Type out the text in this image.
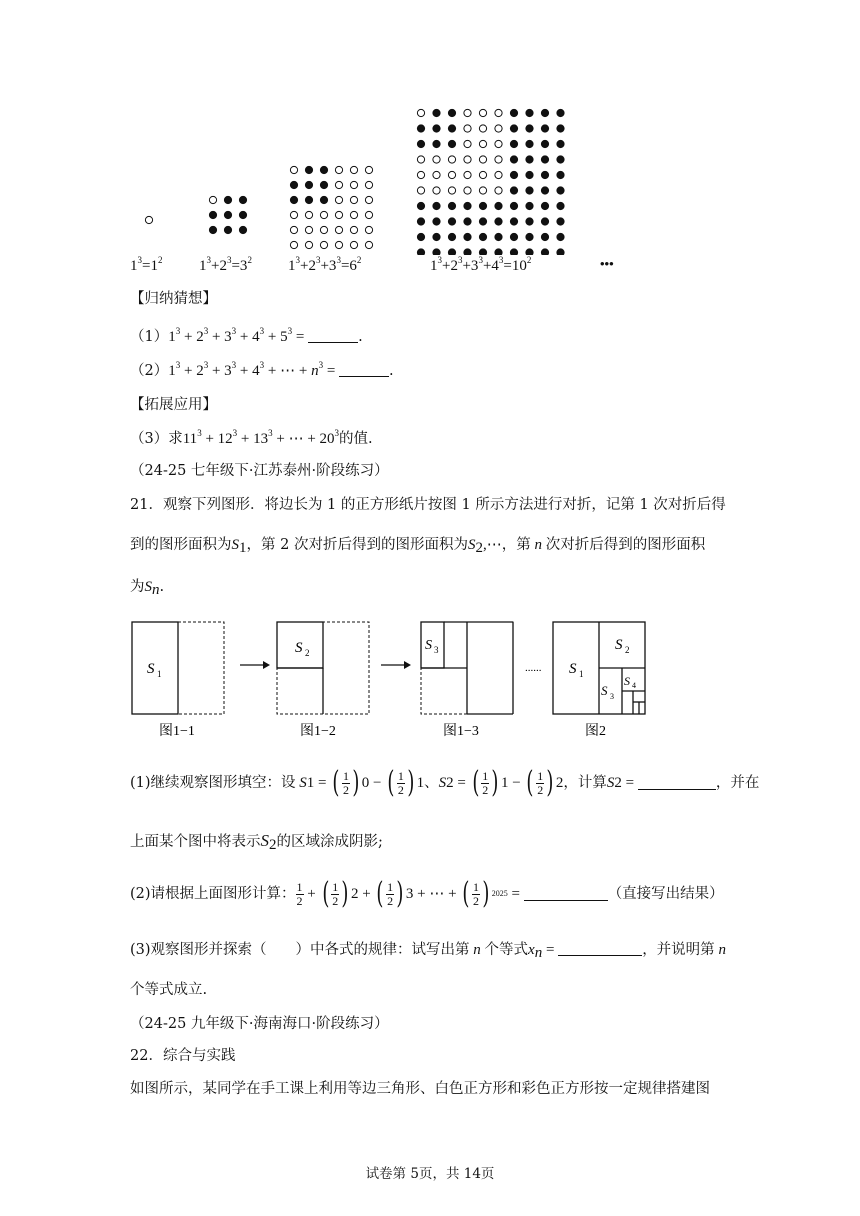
$1^3=1^2$ $1^3+2^3=3^2$ $1^3+2^3+3^3=6^2$	$1^3+2^3+3^3+4^3=10^2$	•••
【归纳猜想】
$(1)1^3 + 2^3 + 3^3 + 4^3 + 5^3$ =	.
$(2)1^3 + 2^3 + 3^3 + 4^3$ + ⋯ + $n^3$ =	.
【拓展应用】
（3）求$11^3 + 12^3 + 13^3$ + ⋯ + $20^3$的值.
（24-25 七年级下·江苏泰州·阶段练习）
21．观察下列图形．将边长为 1 的正方形纸片按图 1 所示方法进行对折，记第 1 次对折后得
到的图形面积为$S_1$，第 2 次对折后得到的图形面积为$S_2,\cdots$，第 n 次对折后得到的图形面积
为$S_n$.
S 1
S 2	S 3
...... S 1
S 2
S 3
S 4
图1−1	图1−2	图1−3	图2
(1)继续观察图形填空：设 S 1 = ( $\frac{1}{2}$ ) 0 − ( $\frac{1}{2}$ ) 1 、 S 2 = ( $\frac{1}{2}$ ) 1 − ( $\frac{1}{2}$ ) 2 ，计算 S 2 =	，并在
上面某个图中将表示$S_2$的区域涂成阴影;
(2)请根据上面图形计算： $\frac{1}{2}$ + ( $\frac{1}{2}$ ) 2 + ( $\frac{1}{2}$ ) 3 + ⋯ + ( $\frac{1}{2}$ ) 2025 =	（直接写出结果）
(3)观察图形并探索（　　）中各式的规律：试写出第 n 个等式$x_n$ =	，并说明第 n
个等式成立.
（24-25 九年级下·海南海口·阶段练习）
22．综合与实践
如图所示，某同学在手工课上利用等边三角形、白色正方形和彩色正方形按一定规律搭建图
试卷第 5页，共 14页
